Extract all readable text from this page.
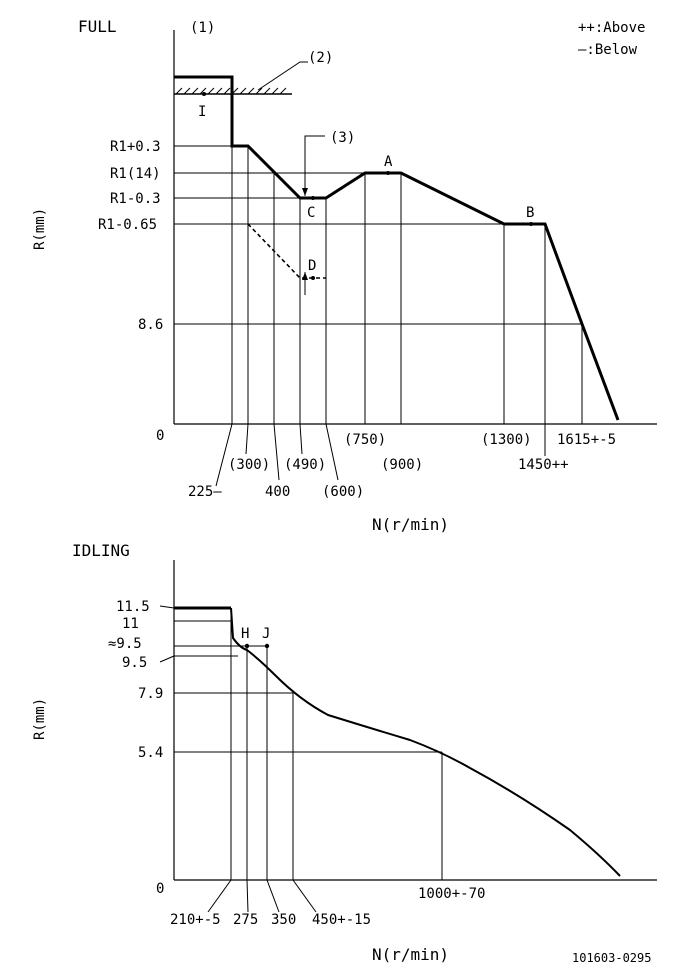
FULL	(1)	++:Above
—:Below
R(mm)
N(r/min)
R1+0.3
R1(14)
R1-0.3
R1-0.65
8.6
0
225—
(300)
400
(490)
(600)
(750)
(900)
(1300)
1450++
1615+-5
(2)
(3)
I
A
B
C
D
IDLING
R(mm)
N(r/min)
11.5
11
≈9.5
9.5
7.9
5.4
0
210+-5 275 350 450+-15
1000+-70
H J
101603-0295
